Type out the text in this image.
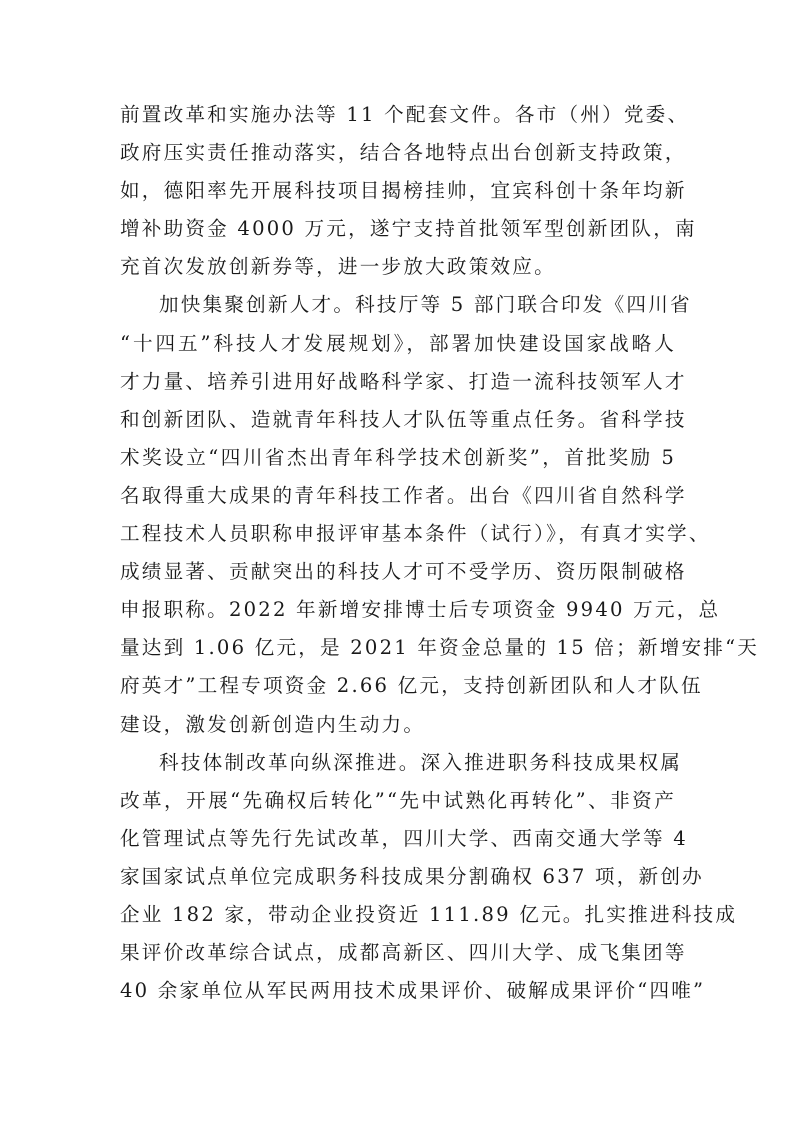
前置改革和实施办法等 11 个配套文件。各市（州）党委、
政府压实责任推动落实，结合各地特点出台创新支持政策，
如，德阳率先开展科技项目揭榜挂帅，宜宾科创十条年均新
增补助资金 4000 万元，遂宁支持首批领军型创新团队，南
充首次发放创新券等，进一步放大政策效应。
加快集聚创新人才。科技厅等 5 部门联合印发《四川省
“十四五”科技人才发展规划》，部署加快建设国家战略人
才力量、培养引进用好战略科学家、打造一流科技领军人才
和创新团队、造就青年科技人才队伍等重点任务。省科学技
术奖设立“四川省杰出青年科学技术创新奖”，首批奖励 5
名取得重大成果的青年科技工作者。出台《四川省自然科学
工程技术人员职称申报评审基本条件（试行）》，有真才实学、
成绩显著、贡献突出的科技人才可不受学历、资历限制破格
申报职称。2022 年新增安排博士后专项资金 9940 万元，总
量达到 1.06 亿元，是 2021 年资金总量的 15 倍；新增安排“天
府英才”工程专项资金 2.66 亿元，支持创新团队和人才队伍
建设，激发创新创造内生动力。
科技体制改革向纵深推进。深入推进职务科技成果权属
改革，开展“先确权后转化”“先中试熟化再转化”、非资产
化管理试点等先行先试改革，四川大学、西南交通大学等 4
家国家试点单位完成职务科技成果分割确权 637 项，新创办
企业 182 家，带动企业投资近 111.89 亿元。扎实推进科技成
果评价改革综合试点，成都高新区、四川大学、成飞集团等
40 余家单位从军民两用技术成果评价、破解成果评价“四唯”
